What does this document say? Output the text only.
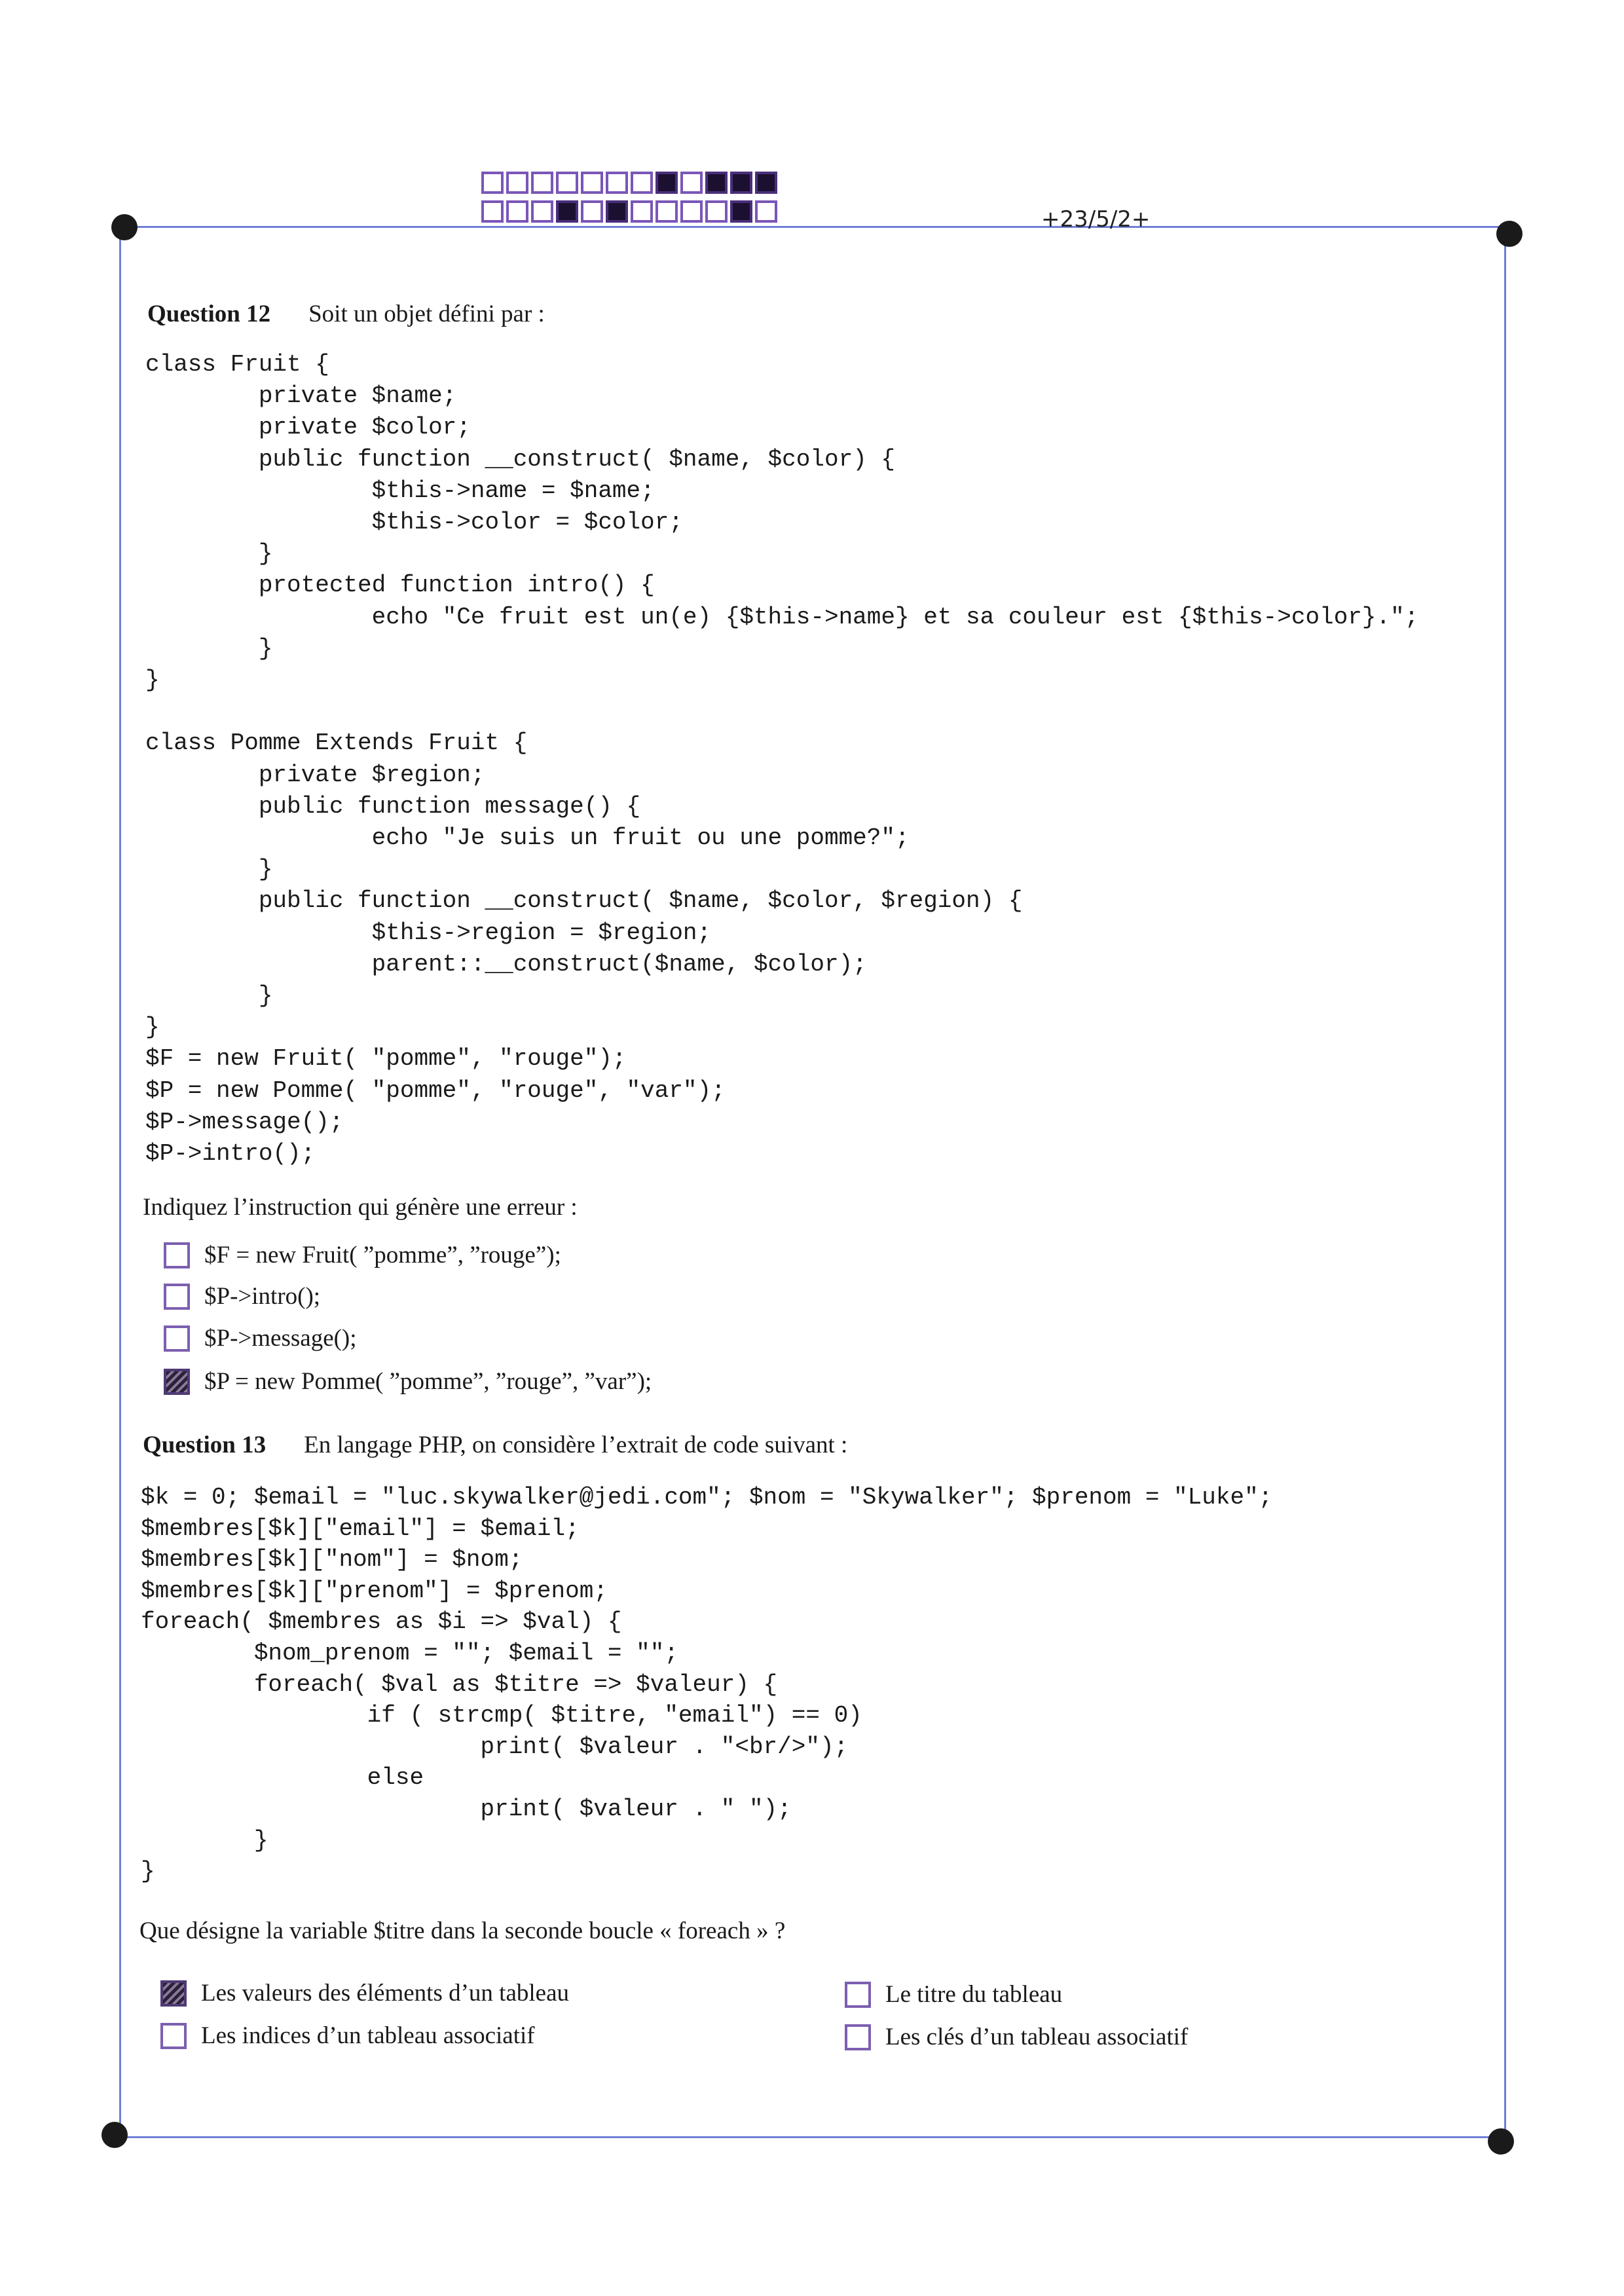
+23/5/2+
Question 12 Soit un objet défini par :
class Fruit {
private $name;
private $color;
public function __construct( $name, $color) {
$this->name = $name;
$this->color = $color;
}
protected function intro() {
echo "Ce fruit est un(e) {$this->name} et sa couleur est {$this->color}.";
}
}
class Pomme Extends Fruit {
private $region;
public function message() {
echo "Je suis un fruit ou une pomme?";
}
public function __construct( $name, $color, $region) {
$this->region = $region;
parent::__construct($name, $color);
}
}
$F = new Fruit( "pomme", "rouge");
$P = new Pomme( "pomme", "rouge", "var");
$P->message();
$P->intro();
Indiquez l’instruction qui génère une erreur :
$F = new Fruit( ”pomme”, ”rouge”);
$P->intro();
$P->message();
$P = new Pomme( ”pomme”, ”rouge”, ”var”);
Question 13 En langage PHP, on considère l’extrait de code suivant :
$k = 0; $email = "luc.skywalker@jedi.com"; $nom = "Skywalker"; $prenom = "Luke";
$membres[$k]["email"] = $email;
$membres[$k]["nom"] = $nom;
$membres[$k]["prenom"] = $prenom;
foreach( $membres as $i => $val) {
$nom_prenom = ""; $email = "";
foreach( $val as $titre => $valeur) {
if ( strcmp( $titre, "email") == 0)
print( $valeur . "<br/>");
else
print( $valeur . " ");
}
}
Que désigne la variable $titre dans la seconde boucle « foreach » ?
Les valeurs des éléments d’un tableau	Le titre du tableau
Les indices d’un tableau associatif	Les clés d’un tableau associatif
